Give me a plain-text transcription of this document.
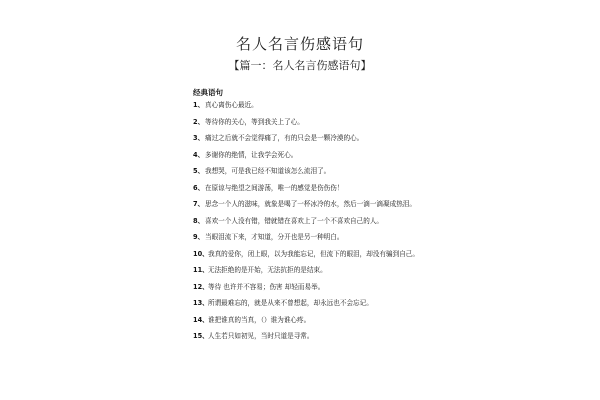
名人名言伤感语句
【篇一：名人名言伤感语句】
经典语句
1、 真心离伤心最近。
2、 等待你的关心，等到我关上了心。
3、 痛过之后就不会觉得痛了，有的只会是一颗冷漠的心。
4、 多谢你的绝情，让我学会死心。
5、 我想哭，可是我已经不知道该怎么流泪了。
6、 在原谅与绝望之间游荡，唯一的感觉是伤伤伤！
7、 思念一个人的滋味，就象是喝了一杯冰冷的水，然后一滴一滴凝成热泪。
8、 喜欢一个人没有错，错就错在喜欢上了一个不喜欢自己的人。
9、 当眼泪流下来，才知道，分开也是另一种明白。
10、 我真的爱你，闭上眼，以为我能忘记，但流下的眼泪，却没有骗到自己。
11、 无法拒绝的是开始，无法抗拒的是结束。
12、 等待 也许并不容易；伤害 却轻而易举。
13、 所谓最难忘的，就是从来不曾想起，却永远也不会忘记。
14、 谁把谁真的当真，（）谁为谁心疼。
15、 人生若只如初见，当时只道是寻常。
